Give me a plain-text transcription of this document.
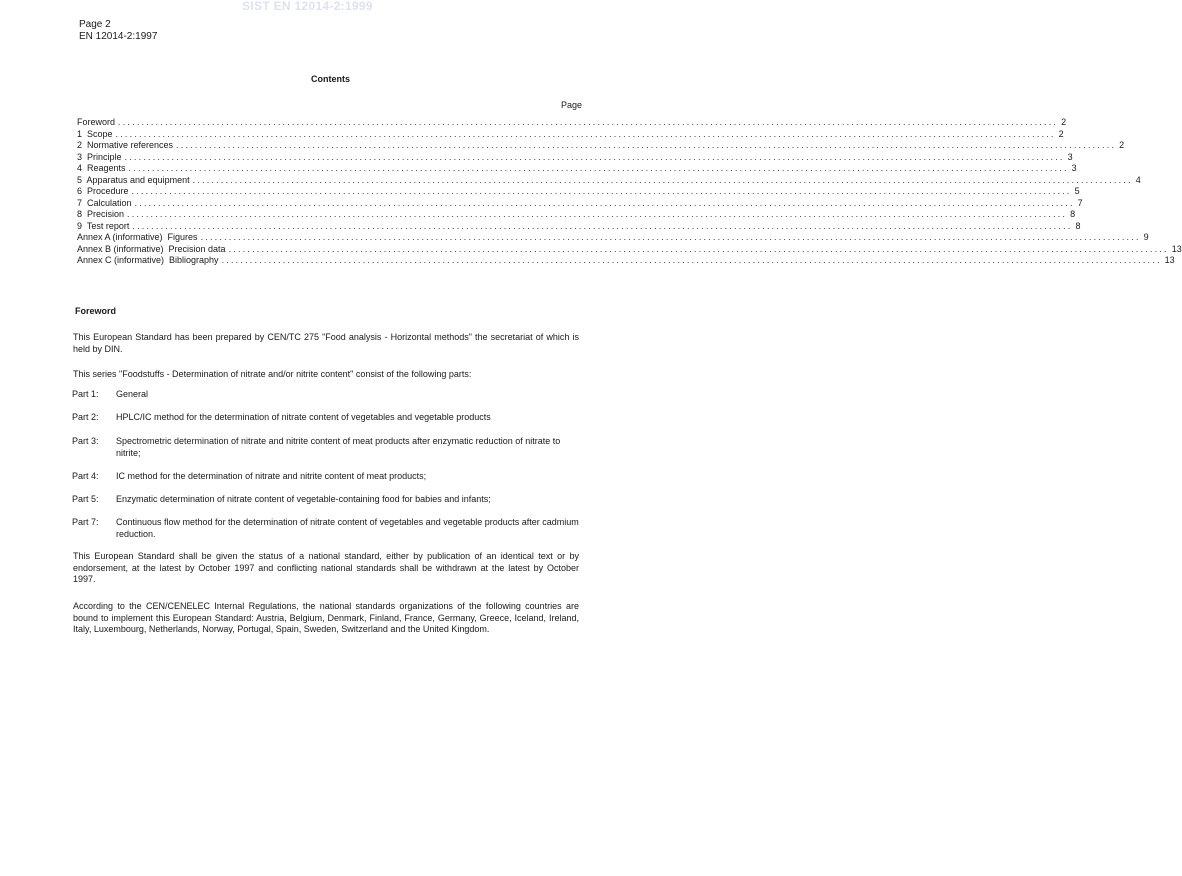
SIST EN 12014-2:1999
Page 2
EN 12014-2:1997
Contents
Page
Foreword ........................................................................................................................................................................................................ 2
1  Scope ........................................................................................................................................................................................................ 2
2  Normative references ........................................................................................................................................................................................................ 2
3  Principle ........................................................................................................................................................................................................ 3
4  Reagents ........................................................................................................................................................................................................ 3
5  Apparatus and equipment ........................................................................................................................................................................................................ 4
6  Procedure ........................................................................................................................................................................................................ 5
7  Calculation ........................................................................................................................................................................................................ 7
8  Precision ........................................................................................................................................................................................................ 8
9  Test report ........................................................................................................................................................................................................ 8
Annex A (informative)  Figures ........................................................................................................................................................................................................ 9
Annex B (informative)  Precision data ........................................................................................................................................................................................................ 13
Annex C (informative)  Bibliography ........................................................................................................................................................................................................ 13
Foreword
This European Standard has been prepared by CEN/TC 275 "Food analysis - Horizontal methods" the secretariat of which is held by DIN.
This series "Foodstuffs - Determination of nitrate and/or nitrite content" consist of the following parts:
Part 1:	General
Part 2:	HPLC/IC method for the determination of nitrate content of vegetables and vegetable products
Part 3:	Spectrometric determination of nitrate and nitrite content of meat products after enzymatic reduction of nitrate to nitrite;
Part 4:	IC method for the determination of nitrate and nitrite content of meat products;
Part 5:	Enzymatic determination of nitrate content of vegetable-containing food for babies and infants;
Part 7:	Continuous flow method for the determination of nitrate content of vegetables and vegetable products after cadmium reduction.
This European Standard shall be given the status of a national standard, either by publication of an identical text or by endorsement, at the latest by October 1997 and conflicting national standards shall be withdrawn at the latest by October 1997.
According to the CEN/CENELEC Internal Regulations, the national standards organizations of the following countries are bound to implement this European Standard: Austria, Belgium, Denmark, Finland, France, Germany, Greece, Iceland, Ireland, Italy, Luxembourg, Netherlands, Norway, Portugal, Spain, Sweden, Switzerland and the United Kingdom.
